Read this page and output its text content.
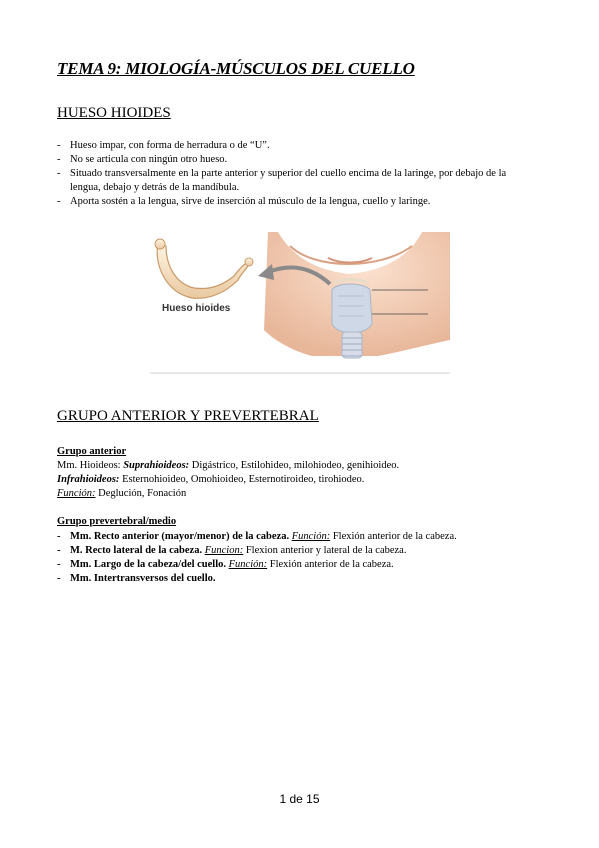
TEMA 9: MIOLOGÍA-MÚSCULOS DEL CUELLO
HUESO HIOIDES
- Hueso impar, con forma de herradura o de “U”.
- No se articula con ningún otro hueso.
- Situado transversalmente en la parte anterior y superior del cuello encima de la laringe, por debajo de la lengua, debajo y detrás de la mandíbula.
- Aporta sostén a la lengua, sirve de inserción al músculo de la lengua, cuello y laringe.
Hueso hioides
GRUPO ANTERIOR Y PREVERTEBRAL
Grupo anterior
Mm. Hioideos: Suprahioideos: Digástrico, Estilohideo, milohiodeo, genihioideo.
Infrahioideos: Esternohioideo, Omohioideo, Esternotiroideo, tirohiodeo.
Función: Deglución, Fonación
Grupo prevertebral/medio
- Mm. Recto anterior (mayor/menor) de la cabeza. Función: Flexión anterior de la cabeza.
- M. Recto lateral de la cabeza. Funcion: Flexion anterior y lateral de la cabeza.
- Mm. Largo de la cabeza/del cuello. Función: Flexión anterior de la cabeza.
- Mm. Intertransversos del cuello.
1 de 15
